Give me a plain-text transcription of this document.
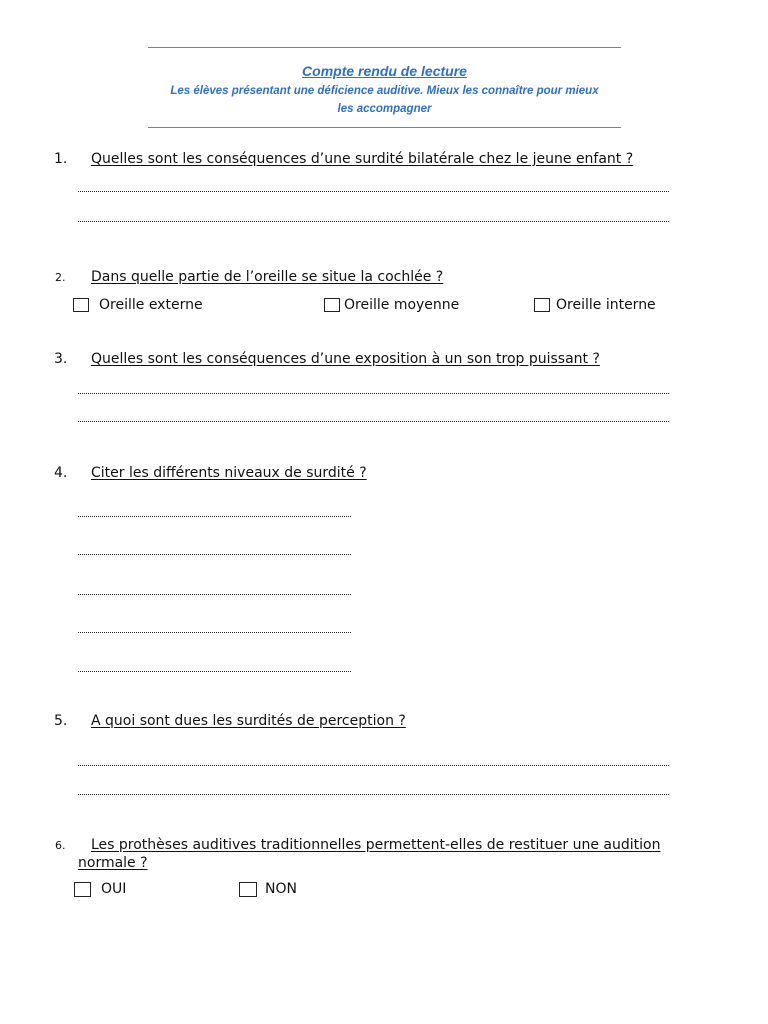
Compte rendu de lecture
Les élèves présentant une déficience auditive. Mieux les connaître pour mieux
les accompagner
1. Quelles sont les conséquences d’une surdité bilatérale chez le jeune enfant ?
2. Dans quelle partie de l’oreille se situe la cochlée ?
Oreille externe	Oreille moyenne	Oreille interne
3. Quelles sont les conséquences d’une exposition à un son trop puissant ?
4. Citer les différents niveaux de surdité ?
5. A quoi sont dues les surdités de perception ?
6.	Les prothèses auditives traditionnelles permettent-elles de restituer une audition normale ?
OUI	NON
